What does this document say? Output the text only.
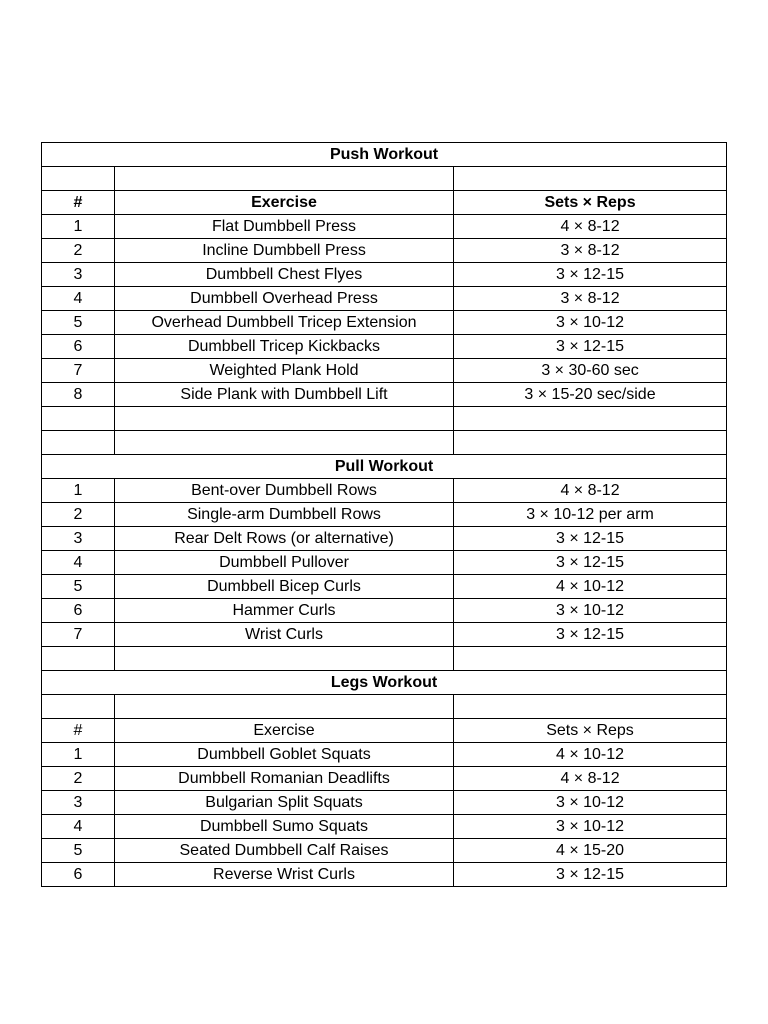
Push Workout		

#	Exercise	Sets × Reps
1	Flat Dumbbell Press	4 × 8-12
2	Incline Dumbbell Press	3 × 8-12
3	Dumbbell Chest Flyes	3 × 12-15
4	Dumbbell Overhead Press	3 × 8-12
5	Overhead Dumbbell Tricep Extension	3 × 10-12
6	Dumbbell Tricep Kickbacks	3 × 12-15
7	Weighted Plank Hold	3 × 30-60 sec
8	Side Plank with Dumbbell Lift	3 × 15-20 sec/side

Pull Workout		
1	Bent-over Dumbbell Rows	4 × 8-12
2	Single-arm Dumbbell Rows	3 × 10-12 per arm
3	Rear Delt Rows (or alternative)	3 × 12-15
4	Dumbbell Pullover	3 × 12-15
5	Dumbbell Bicep Curls	4 × 10-12
6	Hammer Curls	3 × 10-12
7	Wrist Curls	3 × 12-15

Legs Workout		

#	Exercise	Sets × Reps
1	Dumbbell Goblet Squats	4 × 10-12
2	Dumbbell Romanian Deadlifts	4 × 8-12
3	Bulgarian Split Squats	3 × 10-12
4	Dumbbell Sumo Squats	3 × 10-12
5	Seated Dumbbell Calf Raises	4 × 15-20
6	Reverse Wrist Curls	3 × 12-15
